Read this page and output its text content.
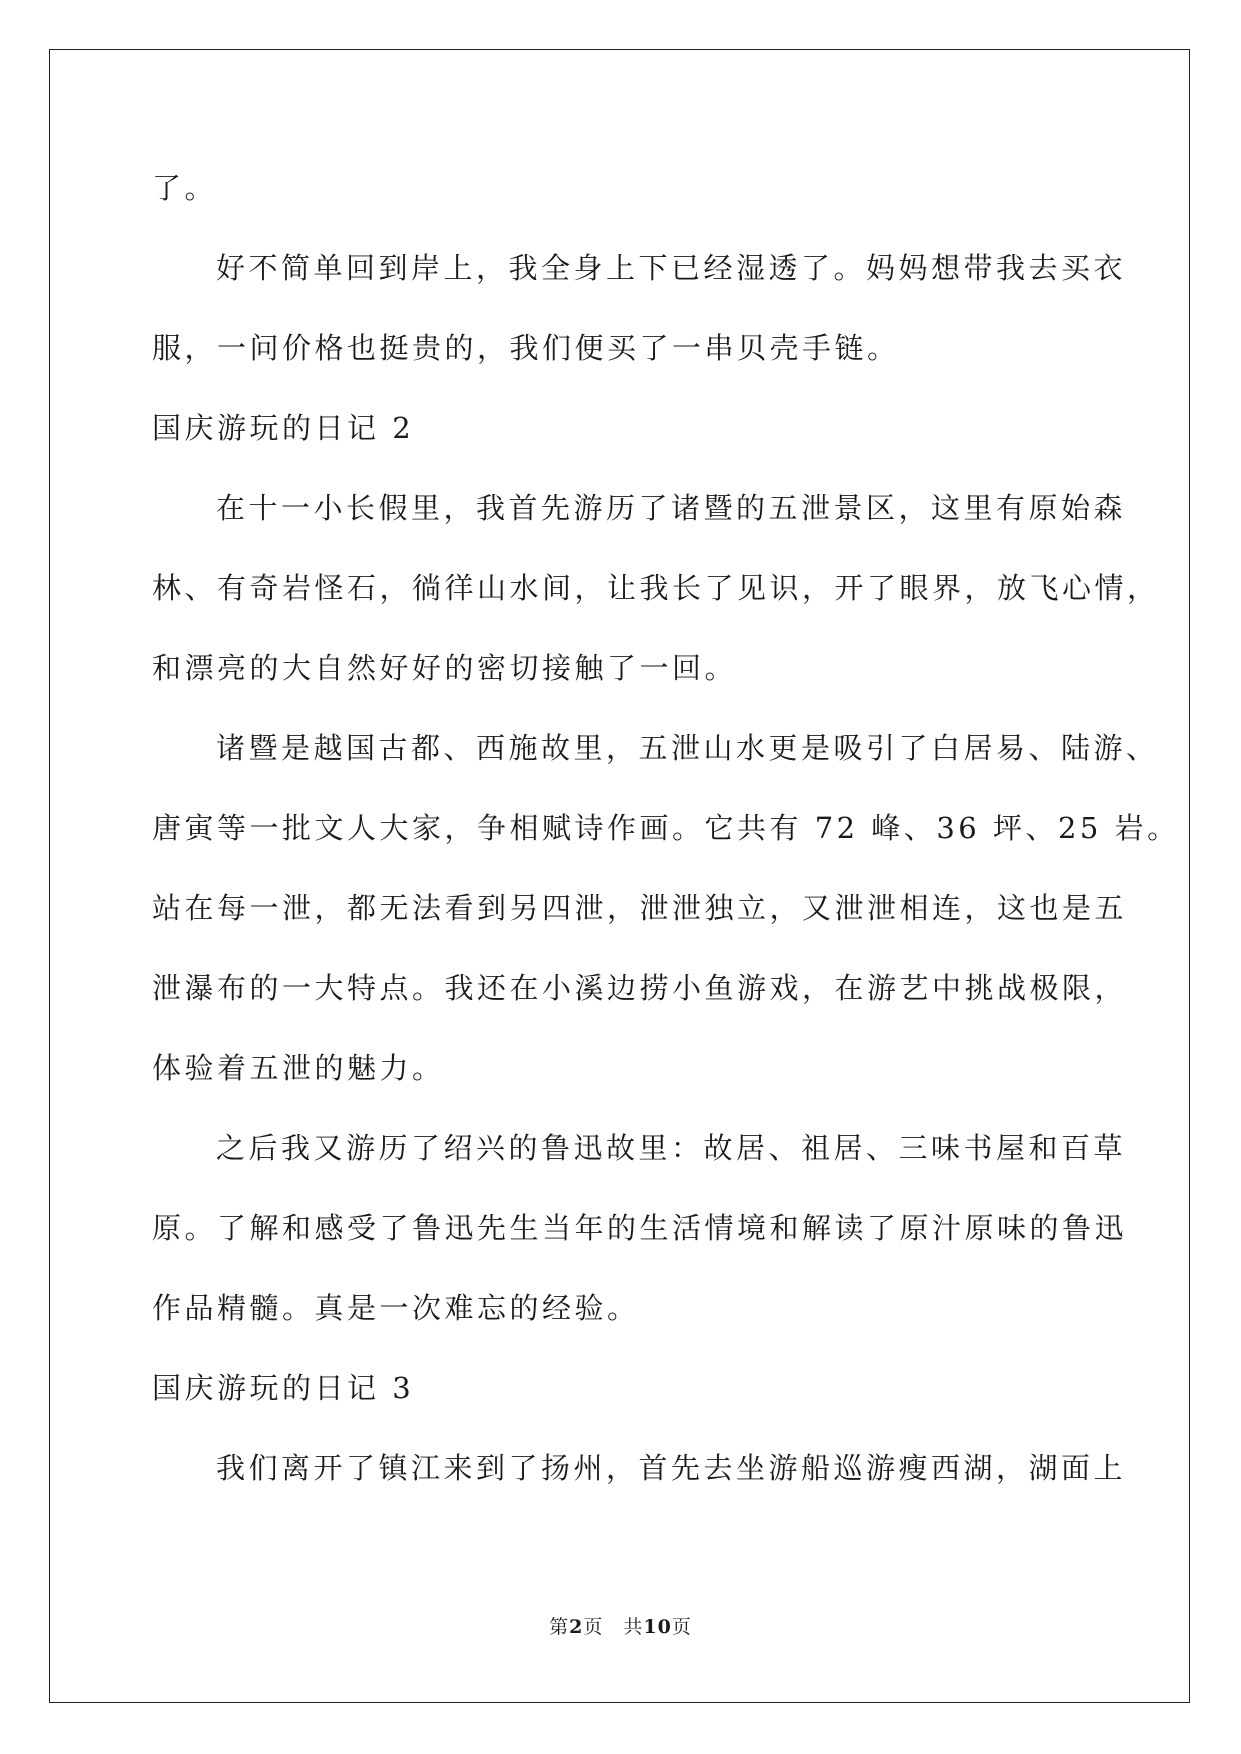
了。
好不简单回到岸上，我全身上下已经湿透了。妈妈想带我去买衣
服，一问价格也挺贵的，我们便买了一串贝壳手链。
国庆游玩的日记 2
在十一小长假里，我首先游历了诸暨的五泄景区，这里有原始森
林、有奇岩怪石，徜徉山水间，让我长了见识，开了眼界，放飞心情，
和漂亮的大自然好好的密切接触了一回。
诸暨是越国古都、西施故里，五泄山水更是吸引了白居易、陆游、
唐寅等一批文人大家，争相赋诗作画。它共有 72 峰、36 坪、25 岩。
站在每一泄，都无法看到另四泄，泄泄独立，又泄泄相连，这也是五
泄瀑布的一大特点。我还在小溪边捞小鱼游戏，在游艺中挑战极限，
体验着五泄的魅力。
之后我又游历了绍兴的鲁迅故里：故居、祖居、三味书屋和百草
原。了解和感受了鲁迅先生当年的生活情境和解读了原汁原味的鲁迅
作品精髓。真是一次难忘的经验。
国庆游玩的日记 3
我们离开了镇江来到了扬州，首先去坐游船巡游瘦西湖，湖面上
第2页 共10页
